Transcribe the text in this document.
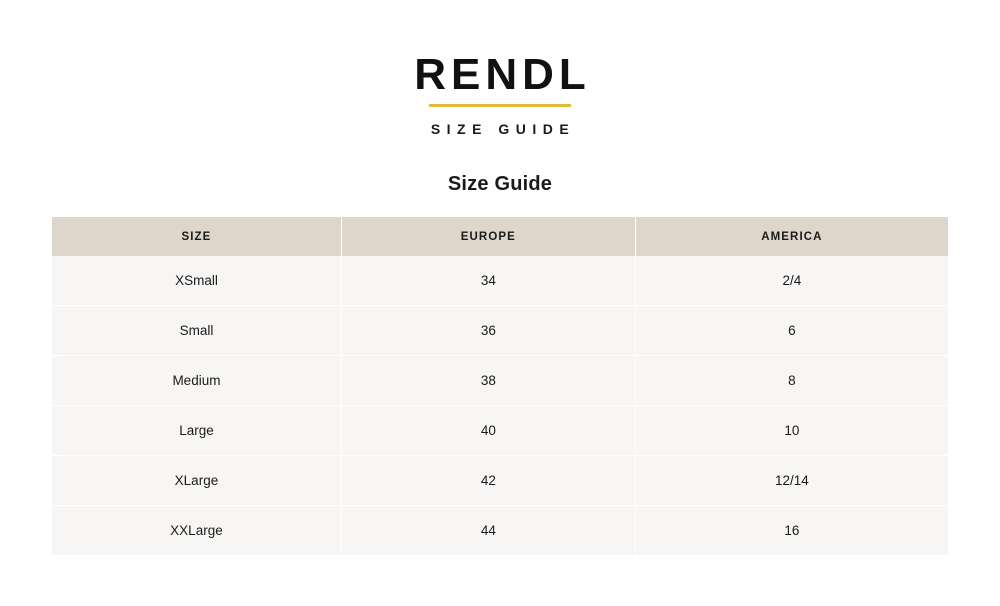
RENDL

SIZE GUIDE

Size Guide
SIZE	EUROPE	AMERICA
XSmall	34	2/4
Small	36	6
Medium	38	8
Large	40	10
XLarge	42	12/14
XXLarge	44	16
